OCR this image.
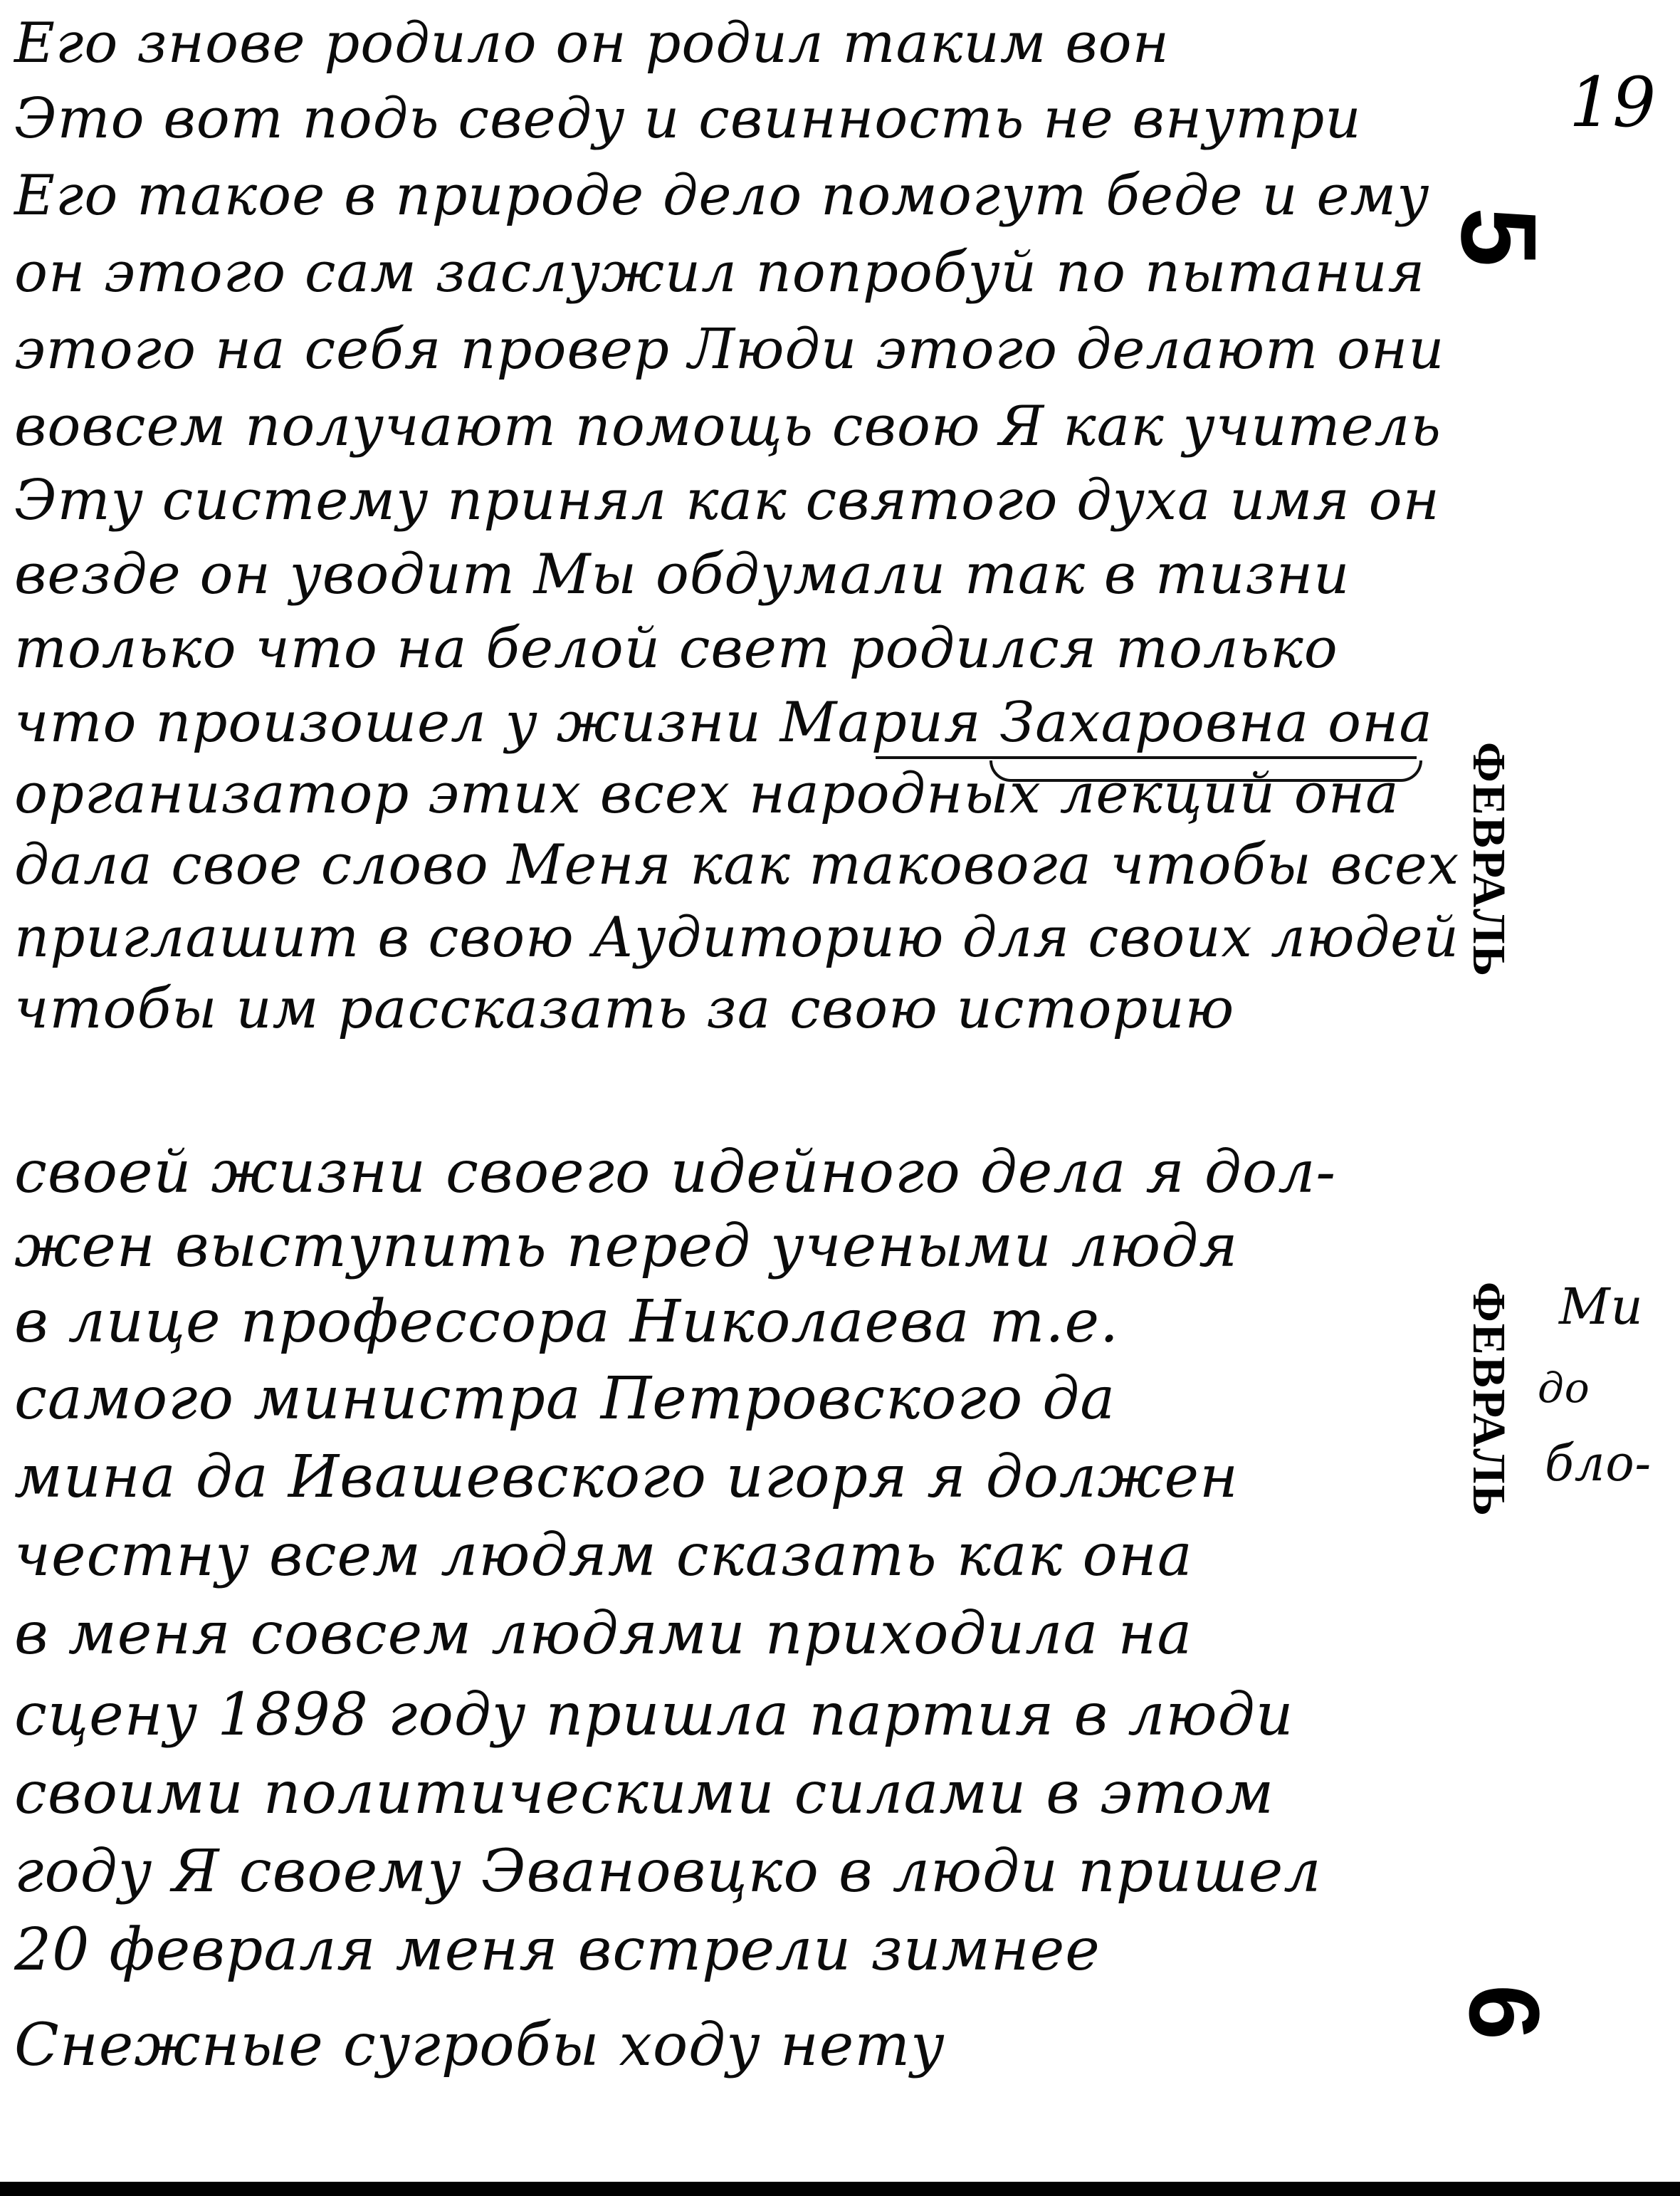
Его знове родило он родил таким вон
Это вот подь сведу и свинность не внутри
Его такое в природе дело помогут беде и ему
он этого сам заслужил попробуй по пытания
этого на себя провер Люди этого делают они
вовсем получают помощь свою Я как учитель
Эту систему принял как святого духа имя он
везде он уводит Мы обдумали так в тизни
только что на белой свет родился только
что произошел у жизни Мария Захаровна она
организатор этих всех народных лекций она
дала свое слово Меня как таковога чтобы всех
приглашит в свою Аудиторию для своих людей
чтобы им рассказать за свою историю
19
5
ФЕВРАЛЬ
своей жизни своего идейного дела я дол-
жен выступить перед учеными людя
в лице профессора Николаева т.е.
самого министра Петровского да
мина да Ивашевского игоря я должен
честну всем людям сказать как она
в меня совсем людями приходила на
сцену 1898 году пришла партия в люди
своими политическими силами в этом
году Я своему Эвановцко в люди пришел
20 февраля меня встрели зимнее
Снежные сугробы ходу нету
ФЕВРАЛЬ Ми
до
бло-
6
